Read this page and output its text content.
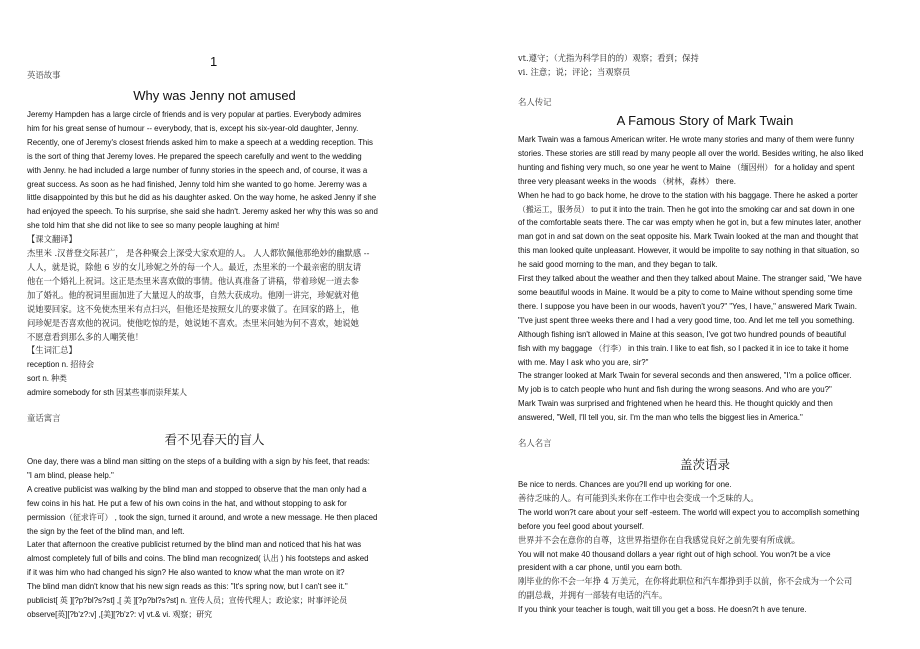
1
英语故事
Why was Jenny not amused
Jeremy Hampden has a large circle of friends and is very popular at parties. Everybody admires
him for his great sense of humour -- everybody, that is, except his six-year-old daughter, Jenny.
Recently, one of Jeremy's closest friends asked him to make a speech at a wedding reception. This
is the sort of thing that Jeremy loves. He prepared the speech carefully and went to the wedding
with Jenny. he had included a large number of funny stories in the speech and, of course, it was a
great success. As soon as he had finished, Jenny told him she wanted to go home. Jeremy was a
little disappointed by this but he did as his daughter asked. On the way home, he asked Jenny if she
had enjoyed the speech. To his surprise, she said she hadn't. Jeremy asked her why this was so and
she told him that she did not like to see so many people laughing at him!
【课文翻译】
杰里米 .汉普登交际甚广， 是各种聚会上深受大家欢迎的人。 人人都钦佩他那绝妙的幽默感 --
人人，就是说，除他 6 岁的女儿珍妮之外的每一个人。最近，杰里米的一个最亲密的朋友请
他在一个婚礼上祝词。这正是杰里米喜欢做的事情。他认真准备了讲稿，带着珍妮一道去参
加了婚礼。他的祝词里面加进了大量逗人的故事，自然大获成功。他刚一讲完，珍妮就对他
说她要回家。这不免使杰里米有点扫兴，但他还是按照女儿的要求做了。在回家的路上，他
问珍妮是否喜欢他的祝词。使他吃惊的是，她说她不喜欢。杰里米问她为何不喜欢，她说她
不愿意看到那么多的人嘲笑他！
【生词汇总】
reception n. 招待会
sort n. 种类
admire somebody for sth 因某些事而崇拜某人
童话寓言
看不见春天的盲人
One day, there was a blind man sitting on the steps of a building with a sign by his feet, that reads:
"I am blind, please help."
A creative publicist was walking by the blind man and stopped to observe that the man only had a
few coins in his hat. He put a few of his own coins in the hat, and without stopping to ask for
permission（征求许可） , took the sign, turned it around, and wrote a new message. He then placed
the sign by the feet of the blind man, and left.
Later that afternoon the creative publicist returned by the blind man and noticed that his hat was
almost completely full of bills and coins. The blind man recognized( 认出 ) his footsteps and asked
if it was him who had changed his sign? He also wanted to know what the man wrote on it?
The blind man didn't know that his new sign reads as this: "It's spring now, but I can't see it."
publicist[ 英 ][?p?bl?s?st] ,[ 美 ][?p?bl?s?st] n. 宣传人员；宣传代理人；政论家；时事评论员
observe[英][?b'z?:v] ,[美][?b'z?: v] vt.& vi. 观察；研究
vt.遵守；（尤指为科学目的的）观察；看到；保持
vi. 注意；说；评论；当观察员
名人传记
A Famous Story of Mark Twain
Mark Twain was a famous American writer. He wrote many stories and many of them were funny
stories. These stories are still read by many people all over the world. Besides writing, he also liked
hunting and fishing very much, so one year he went to Maine （缅因州） for a holiday and spent
three very pleasant weeks in the woods （树林，森林） there.
When he had to go back home, he drove to the station with his baggage. There he asked a porter
（搬运工，服务员） to put it into the train. Then he got into the smoking car and sat down in one
of the comfortable seats there. The car was empty when he got in, but a few minutes later, another
man got in and sat down on the seat opposite his. Mark Twain looked at the man and thought that
this man looked quite unpleasant. However, it would be impolite to say nothing in that situation, so
he said good morning to the man, and they began to talk.
First they talked about the weather and then they talked about Maine. The stranger said, "We have
some beautiful woods in Maine. It would be a pity to come to Maine without spending some time
there. I suppose you have been in our woods, haven't you?" "Yes, I have," answered Mark Twain.
"I've just spent three weeks there and I had a very good time, too. And let me tell you something.
Although fishing isn't allowed in Maine at this season, I've got two hundred pounds of beautiful
fish with my baggage （行李） in this train. I like to eat fish, so I packed it in ice to take it home
with me. May I ask who you are, sir?"
The stranger looked at Mark Twain for several seconds and then answered, "I'm a police officer.
My job is to catch people who hunt and fish during the wrong seasons. And who are you?"
Mark Twain was surprised and frightened when he heard this. He thought quickly and then
answered, "Well, I'll tell you, sir. I'm the man who tells the biggest lies in America."
名人名言
盖茨语录
Be nice to nerds. Chances are you?ll end up working for one.
善待乏味的人。有可能到头来你在工作中也会变成一个乏味的人。
The world won?t care about your self -esteem. The world will expect you to accomplish something
before you feel good about yourself.
世界并不会在意你的自尊，这世界指望你在自我感觉良好之前先要有所成就。
You will not make 40 thousand dollars a year right out of high school. You won?t be a vice
president with a car phone, until you earn both.
刚毕业的你不会一年挣 4 万美元，在你将此职位和汽车都挣到手以前，你不会成为一个公司
的副总裁，并拥有一部装有电话的汽车。
If you think your teacher is tough, wait till you get a boss. He doesn?t h ave tenure.
